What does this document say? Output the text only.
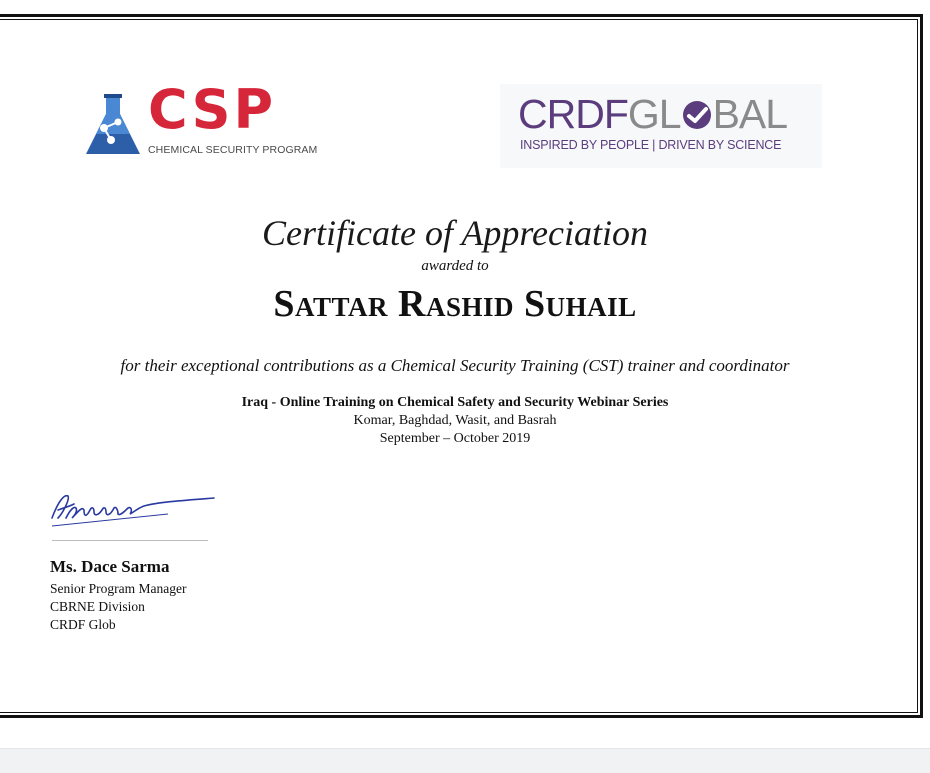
CSP
CHEMICAL SECURITY PROGRAM
CRDFGL BAL
INSPIRED BY PEOPLE | DRIVEN BY SCIENCE
Certificate of Appreciation
awarded to
Sattar Rashid Suhail
for their exceptional contributions as a Chemical Security Training (CST) trainer and coordinator
Iraq - Online Training on Chemical Safety and Security Webinar Series
Komar, Baghdad, Wasit, and Basrah
September – October 2019
Ms. Dace Sarma
Senior Program Manager
CBRNE Division
CRDF Glob
